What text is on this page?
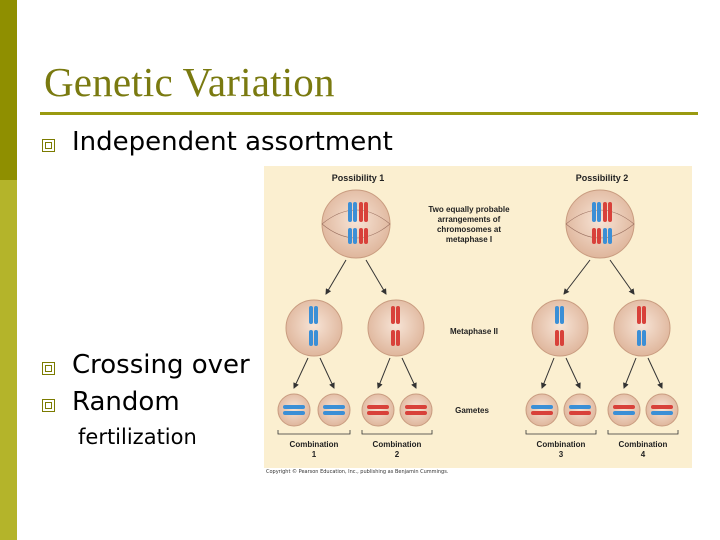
Genetic Variation
Independent assortment
Crossing over
Random
fertilization
Possibility 1	Possibility 2
Two equally probable
arrangements of
chromosomes at
metaphase I
Metaphase II
Gametes
Combination
1
Combination
2
Combination
3
Combination
4
Copyright © Pearson Education, Inc., publishing as Benjamin Cummings.
